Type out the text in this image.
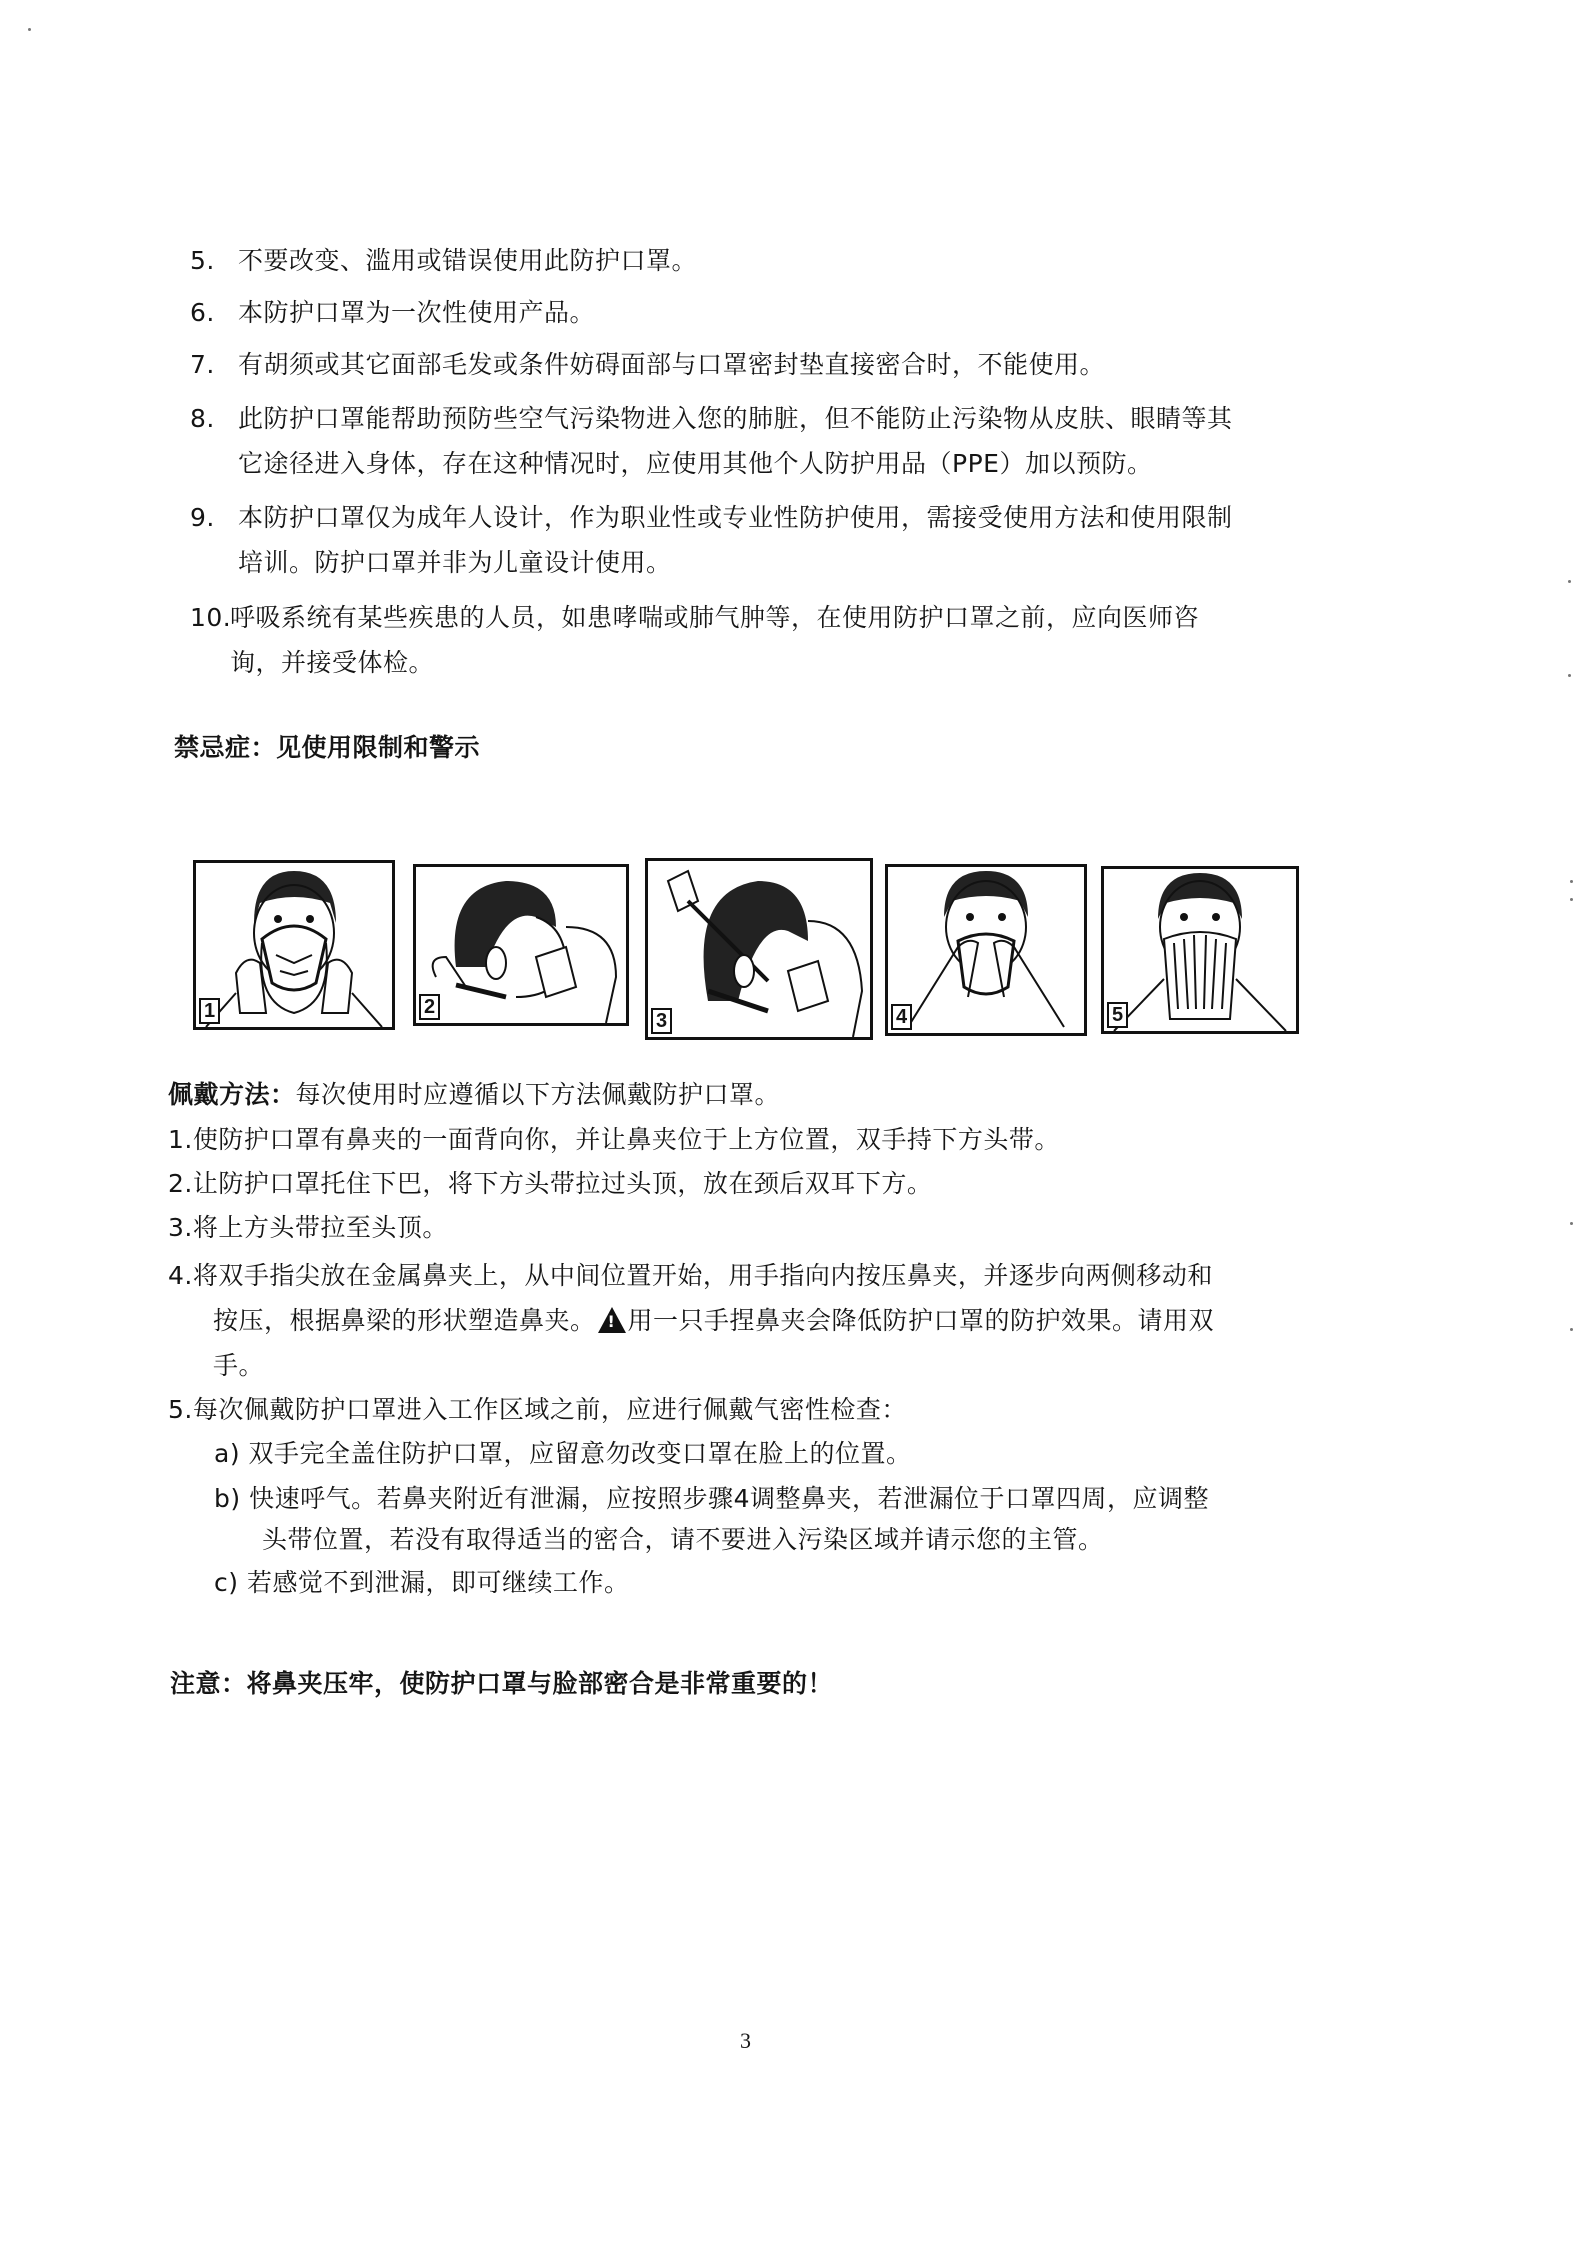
5. 不要改变、滥用或错误使用此防护口罩。
6. 本防护口罩为一次性使用产品。
7. 有胡须或其它面部毛发或条件妨碍面部与口罩密封垫直接密合时，不能使用。
8. 此防护口罩能帮助预防些空气污染物进入您的肺脏，但不能防止污染物从皮肤、眼睛等其
它途径进入身体，存在这种情况时，应使用其他个人防护用品（PPE）加以预防。
9. 本防护口罩仅为成年人设计，作为职业性或专业性防护使用，需接受使用方法和使用限制
培训。防护口罩并非为儿童设计使用。
10.呼吸系统有某些疾患的人员，如患哮喘或肺气肿等，在使用防护口罩之前，应向医师咨
询，并接受体检。
禁忌症：见使用限制和警示
1	2
3	4	5
佩戴方法：每次使用时应遵循以下方法佩戴防护口罩。
1.使防护口罩有鼻夹的一面背向你，并让鼻夹位于上方位置，双手持下方头带。
2.让防护口罩托住下巴，将下方头带拉过头顶，放在颈后双耳下方。
3.将上方头带拉至头顶。
4.将双手指尖放在金属鼻夹上，从中间位置开始，用手指向内按压鼻夹，并逐步向两侧移动和
按压，根据鼻梁的形状塑造鼻夹。 ! 用一只手捏鼻夹会降低防护口罩的防护效果。请用双
手。
5.每次佩戴防护口罩进入工作区域之前，应进行佩戴气密性检查：
a) 双手完全盖住防护口罩，应留意勿改变口罩在脸上的位置。
b) 快速呼气。若鼻夹附近有泄漏，应按照步骤4调整鼻夹，若泄漏位于口罩四周，应调整
头带位置，若没有取得适当的密合，请不要进入污染区域并请示您的主管。
c) 若感觉不到泄漏，即可继续工作。
注意：将鼻夹压牢，使防护口罩与脸部密合是非常重要的！
3
